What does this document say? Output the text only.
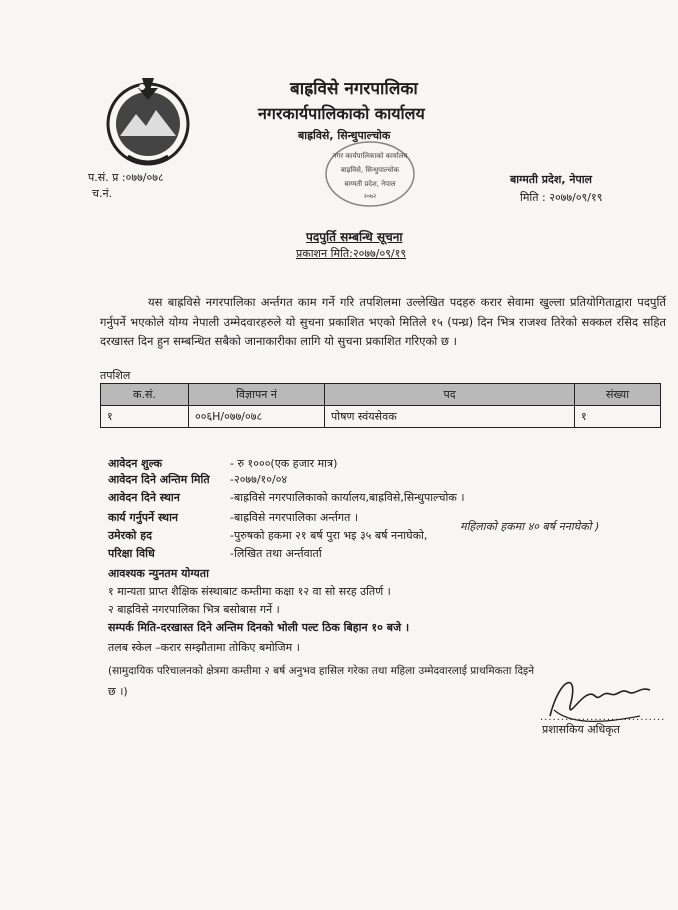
बाह्रविसे नगरपालिका
नगरकार्यपालिकाको कार्यालय
बाह्रविसे, सिन्धुपाल्चोक
नगर कार्यपालिकाको कार्यालय
बाह्रविसे, सिन्धुपाल्चोक
बाग्मती प्रदेश, नेपाल
२०७२
प.सं. प्र :०७७/०७८
च.नं.
बाग्मती प्रदेश, नेपाल
मिति : २०७७/०९/१९
पदपुर्ति सम्बन्धि सूचना
प्रकाशन मिति:२०७७/०९/१९
यस बाह्रविसे नगरपालिका अर्न्तगत काम गर्ने गरि तपशिलमा उल्लेखित पदहरु करार सेवामा खुल्ला प्रतियोगिताद्वारा पदपुर्ति गर्नुपर्ने भएकोले योग्य नेपाली उम्मेदवारहरुले यो सुचना प्रकाशित भएको मितिले १५ (पन्ध्र) दिन भित्र राजश्व तिरेको सक्कल रसिद सहित दरखास्त दिन हुन सम्बन्धित सबैको जानाकारीका लागि यो सुचना प्रकाशित गरिएको छ ।
तपशिल
क.सं.	विज्ञापन नं	पद	संख्या
१	००६H/०७७/०७८	पोषण स्वंयसेवक	१
आवेदन शुल्क	- रु १०००(एक हजार मात्र)
आवेदन दिने अन्तिम मिति -२०७७/१०/०४
आवेदन दिने स्थान	-बाह्रविसे नगरपालिकाको कार्यालय,बाह्रविसे,सिन्धुपाल्चोक ।
कार्य गर्नुपर्ने स्थान	-बाह्रविसे नगरपालिका अर्न्तगत ।
उमेरको हद	-पुरुषको हकमा २१ बर्ष पुरा भइ ३५ बर्ष ननाघेको,
परिक्षा विधि	-लिखित तथा अर्न्तवार्ता
महिलाको हकमा ४० बर्ष ननाघेको )
आवश्यक न्युनतम योग्यता
१ मान्यता प्राप्त शैक्षिक संस्थाबाट कम्तीमा कक्षा १२ वा सो सरह उतिर्ण ।
२ बाह्रविसे नगरपालिका भित्र बसोबास गर्ने ।
सम्पर्क मिति-दरखास्त दिने अन्तिम दिनको भोली पल्ट ठिक बिहान १० बजे ।
तलब स्केल –करार सम्झौतामा तोकिए बमोजिम ।
(सामुदायिक परिचालनको क्षेत्रमा कम्तीमा २ बर्ष अनुभव हासिल गरेका तथा महिला उम्मेदवारलाई प्राथमिकता दिइने
छ ।)
..............................
प्रशासकिय अधिकृत
